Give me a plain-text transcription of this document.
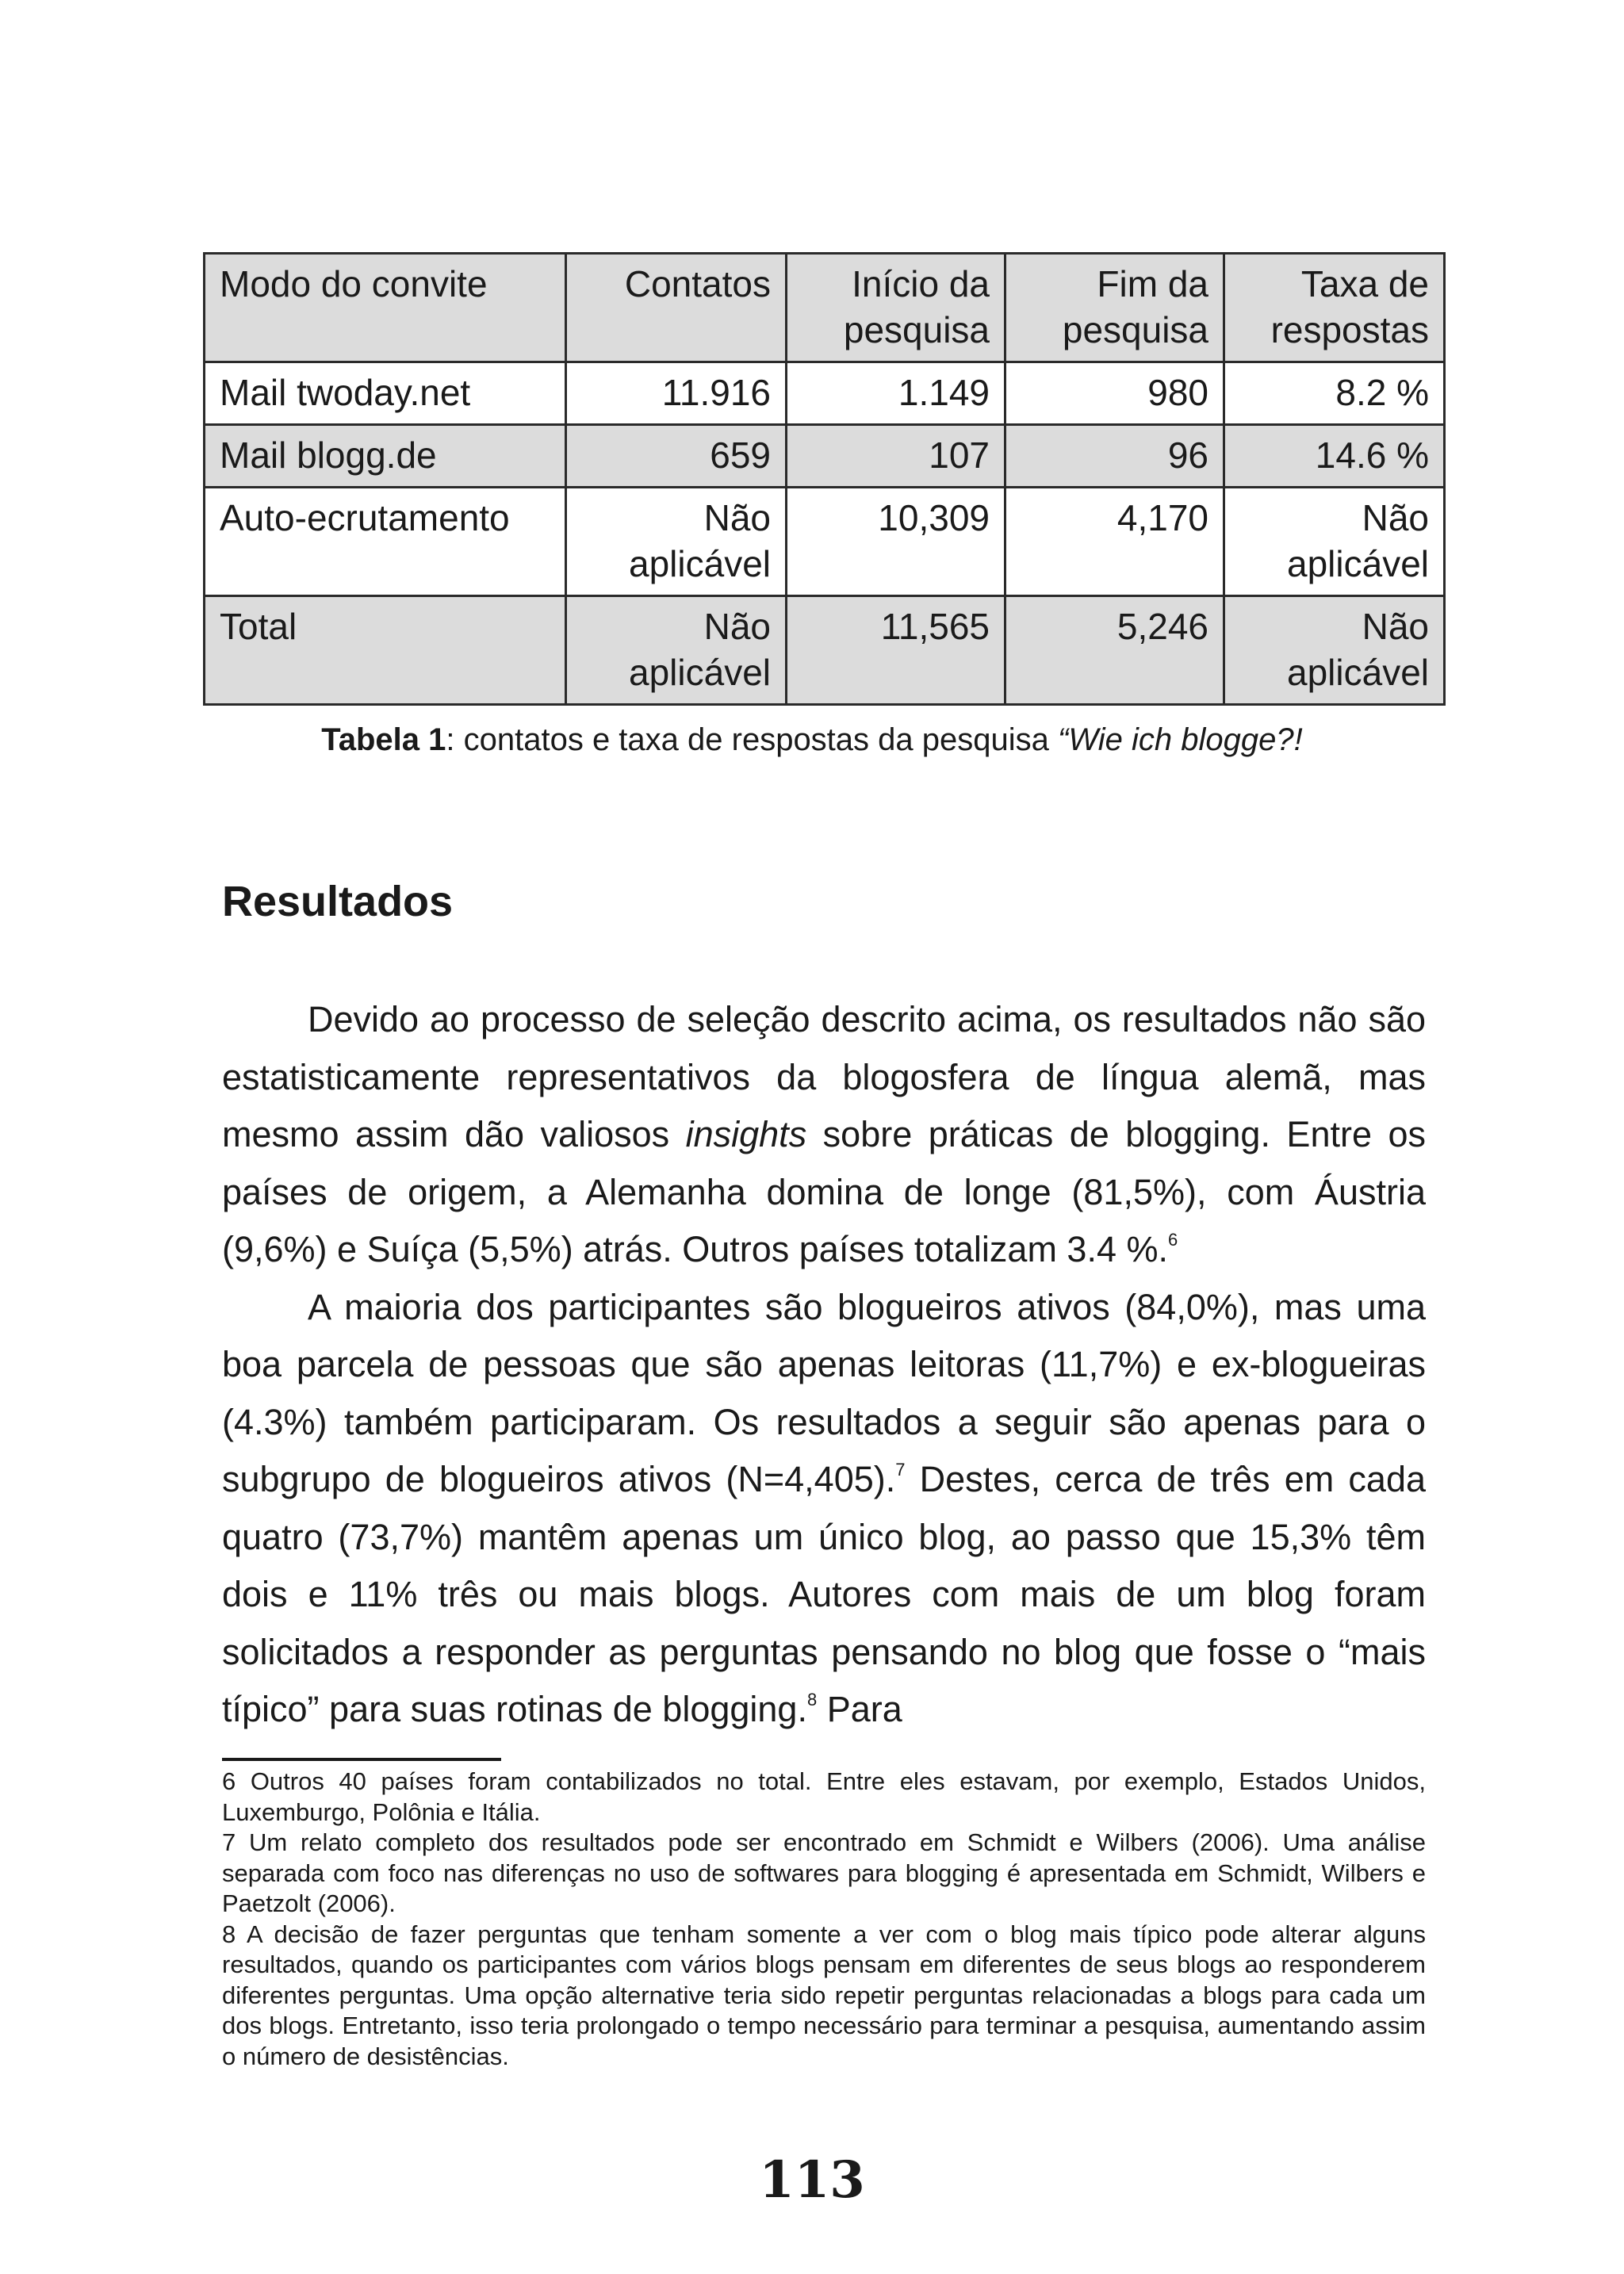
Modo do convite	Contatos	Início da pesquisa	Fim da pesquisa	Taxa de respostas
Mail twoday.net	11.916	1.149	980	8.2 %
Mail blogg.de	659	107	96	14.6 %
Auto-ecrutamento	Não aplicável	10,309	4,170	Não aplicável
Total	Não aplicável	11,565	5,246	Não aplicável
Tabela 1: contatos e taxa de respostas da pesquisa “Wie ich blogge?!
Resultados

Devido ao processo de seleção descrito acima, os resultados não são estatisticamente representativos da blogosfera de língua alemã, mas mesmo assim dão valiosos insights sobre práticas de blogging. Entre os países de origem, a Alemanha domina de longe (81,5%), com Áustria (9,6%) e Suíça (5,5%) atrás. Outros países totalizam 3.4 %.$^6$

A maioria dos participantes são blogueiros ativos (84,0%), mas uma boa parcela de pessoas que são apenas leitoras (11,7%) e ex-blogueiras (4.3%) também participaram. Os resultados a seguir são apenas para o subgrupo de blogueiros ativos (N=4,405).$^7$ Destes, cerca de três em cada quatro (73,7%) mantêm apenas um único blog, ao passo que 15,3% têm dois e 11% três ou mais blogs. Autores com mais de um blog foram solicitados a responder as perguntas pensando no blog que fosse o “mais típico” para suas rotinas de blogging.$^8$ Para

6 Outros 40 países foram contabilizados no total. Entre eles estavam, por exemplo, Estados Unidos, Luxemburgo, Polônia e Itália.

7 Um relato completo dos resultados pode ser encontrado em Schmidt e Wilbers (2006). Uma análise separada com foco nas diferenças no uso de softwares para blogging é apresentada em Schmidt, Wilbers e Paetzolt (2006).

8 A decisão de fazer perguntas que tenham somente a ver com o blog mais típico pode alterar alguns resultados, quando os participantes com vários blogs pensam em diferentes de seus blogs ao responderem diferentes perguntas. Uma opção alternative teria sido repetir perguntas relacionadas a blogs para cada um dos blogs. Entretanto, isso teria prolongado o tempo necessário para terminar a pesquisa, aumentando assim o número de desistências.

113
